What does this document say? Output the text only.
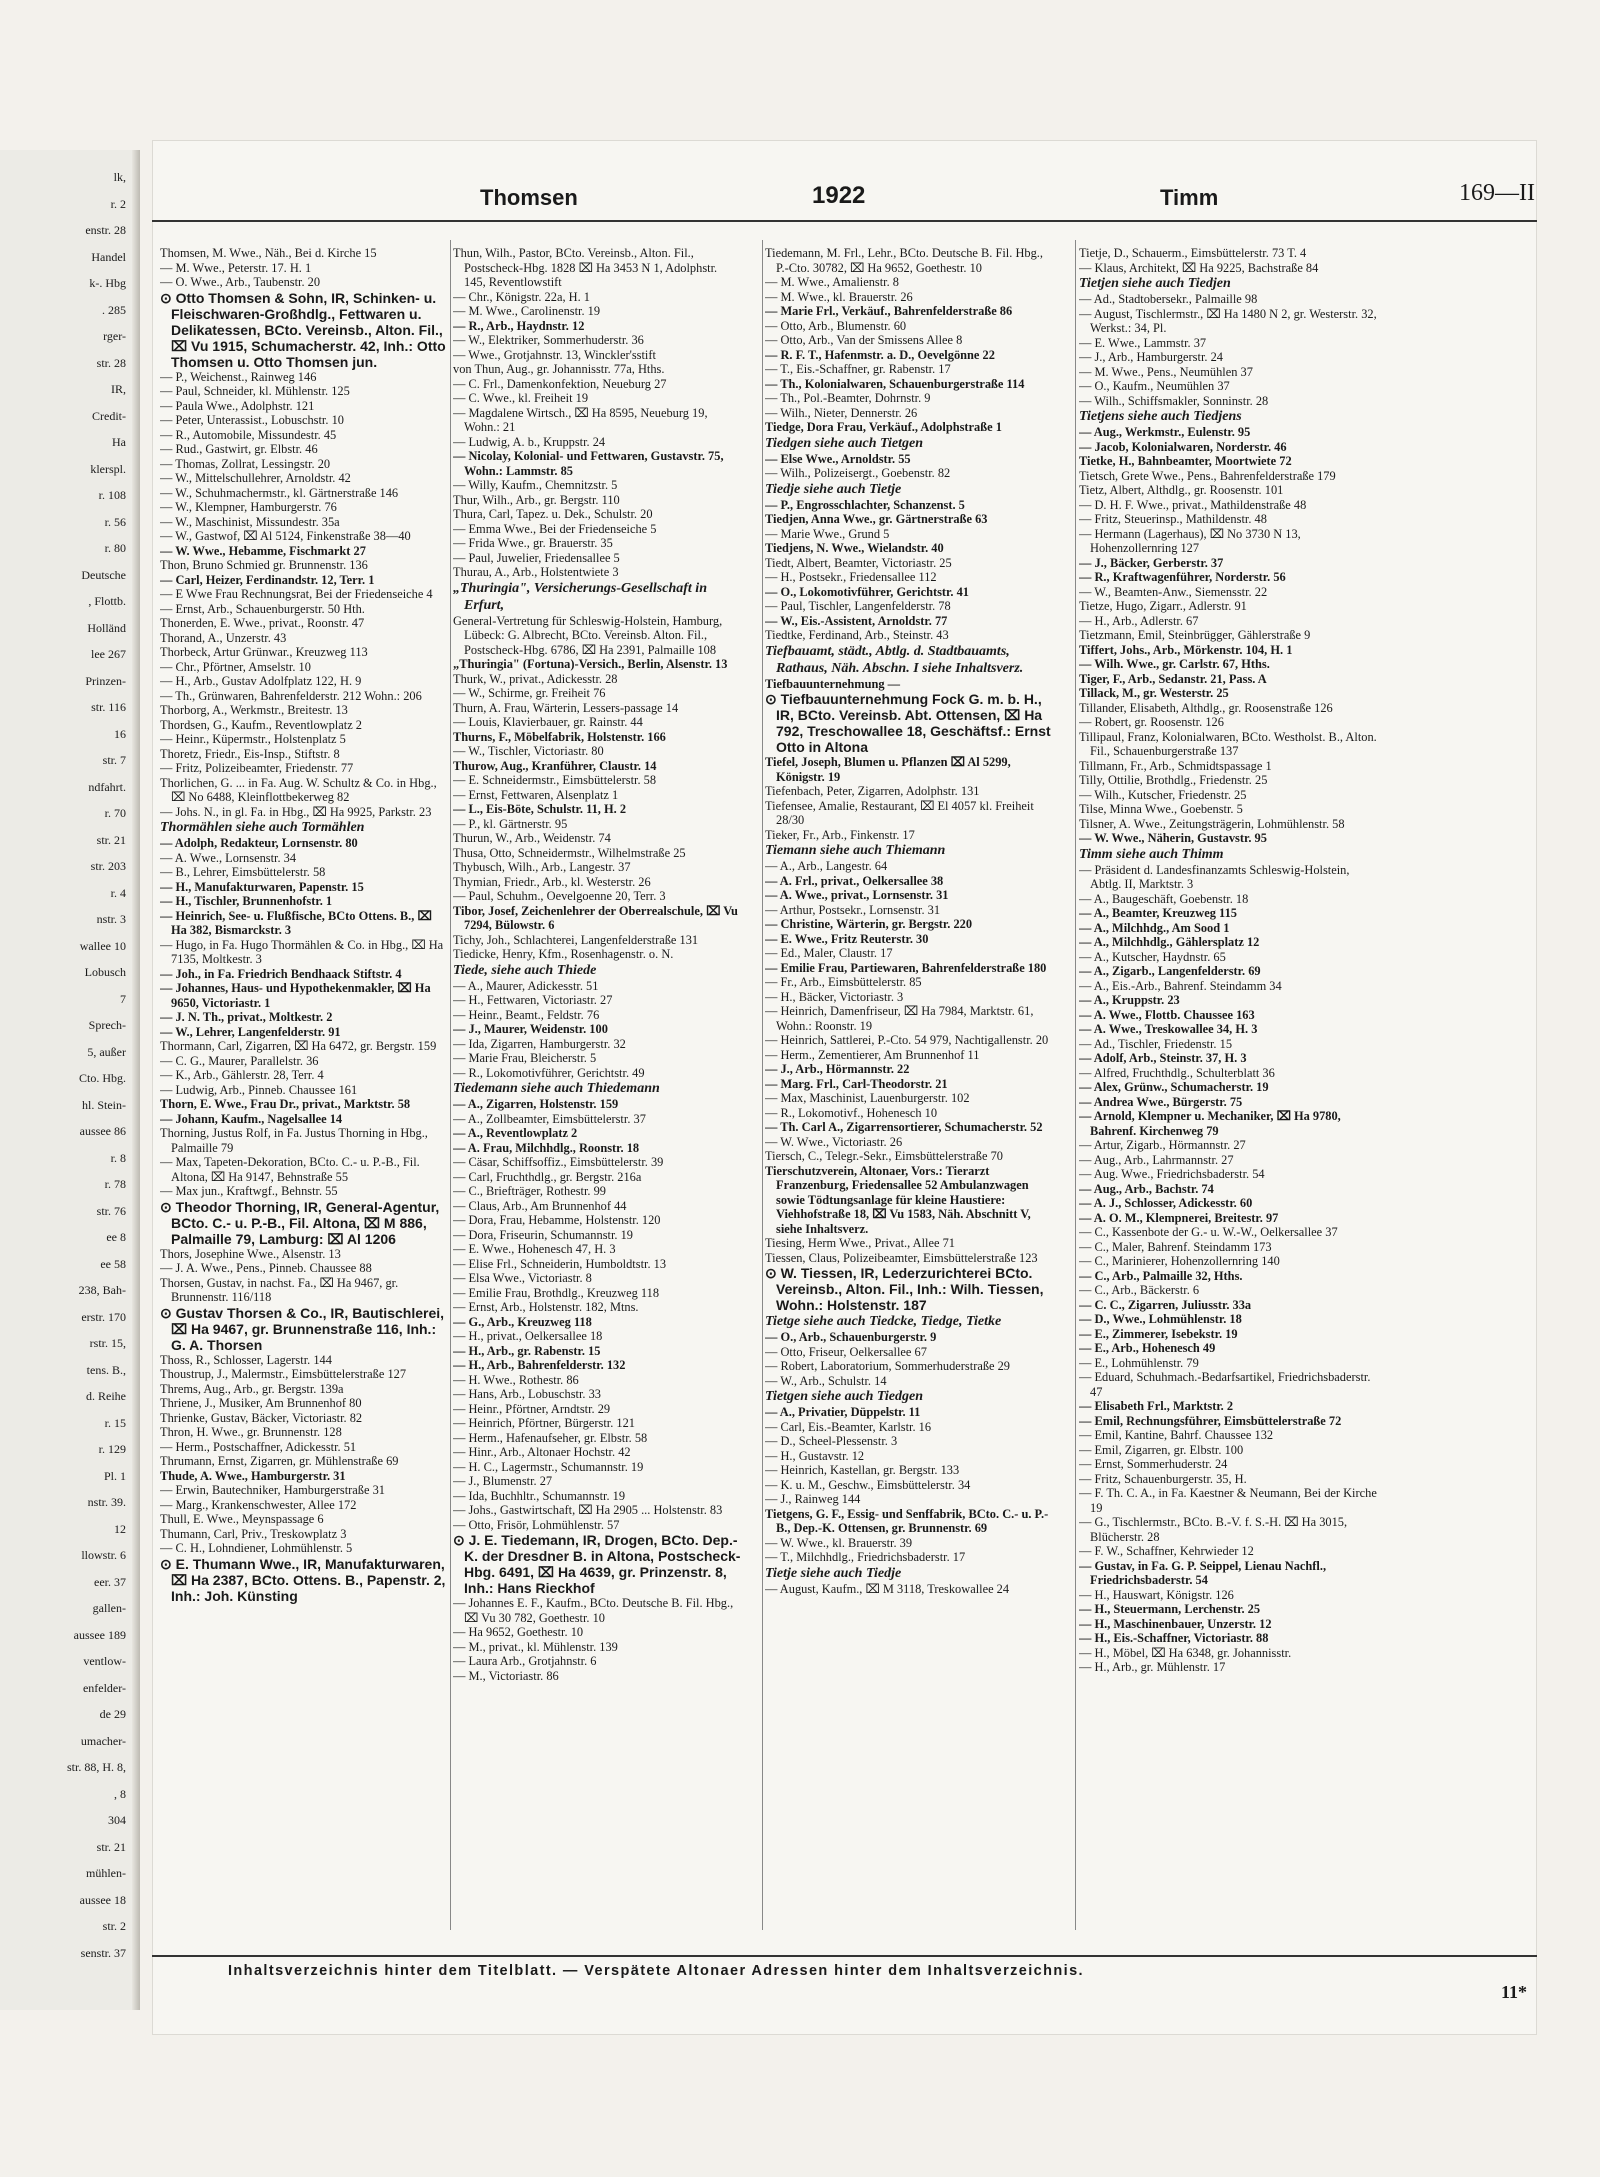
lk,
r. 2
enstr. 28
Handel
k-. Hbg
. 285
rger-
str. 28
IR,
Credit-
Ha
klerspl.
r. 108
r. 56
r. 80
Deutsche
, Flottb.
Holländ
lee 267
Prinzen-
str. 116
16
str. 7
ndfahrt.
r. 70
str. 21
str. 203
r. 4
nstr. 3
wallee 10
Lobusch
7
Sprech-
5, außer
Cto. Hbg.
hl. Stein-
aussee 86
r. 8
r. 78
str. 76
ee 8
ee 58
238, Bah-
erstr. 170
rstr. 15,
tens. B.,
d. Reihe
r. 15
r. 129
Pl. 1
nstr. 39.
12
llowstr. 6
eer. 37
gallen-
aussee 189
ventlow-
enfelder-
de 29
umacher-
str. 88, H. 8,
, 8
304
str. 21
mühlen-
aussee 18
str. 2
senstr. 37
Thomsen	1922	Timm	169—II

Thomsen, M. Wwe., Näh., Bei d. Kirche 15

— M. Wwe., Peterstr. 17. H. 1

— O. Wwe., Arb., Taubenstr. 20

⊙ Otto Thomsen & Sohn, IR, Schinken- u. Fleischwaren-Großhdlg., Fettwaren u. Delikatessen, BCto. Vereinsb., Alton. Fil., ⌧ Vu 1915, Schumacherstr. 42, Inh.: Otto Thomsen u. Otto Thomsen jun.

— P., Weichenst., Rainweg 146

— Paul, Schneider, kl. Mühlenstr. 125

— Paula Wwe., Adolphstr. 121

— Peter, Unterassist., Lobuschstr. 10

— R., Automobile, Missundestr. 45

— Rud., Gastwirt, gr. Elbstr. 46

— Thomas, Zollrat, Lessingstr. 20

— W., Mittelschullehrer, Arnoldstr. 42

— W., Schuhmachermstr., kl. Gärtnerstraße 146

— W., Klempner, Hamburgerstr. 76

— W., Maschinist, Missundestr. 35a

— W., Gastwof, ⌧ Al 5124, Finkenstraße 38—40

— W. Wwe., Hebamme, Fischmarkt 27

Thon, Bruno Schmied gr. Brunnenstr. 136

— Carl, Heizer, Ferdinandstr. 12, Terr. 1

— E Wwe Frau Rechnungsrat, Bei der Friedenseiche 4

— Ernst, Arb., Schauenburgerstr. 50 Hth.

Thonerden, E. Wwe., privat., Roonstr. 47

Thorand, A., Unzerstr. 43

Thorbeck, Artur Grünwar., Kreuzweg 113

— Chr., Pförtner, Amselstr. 10

— H., Arb., Gustav Adolfplatz 122, H. 9

— Th., Grünwaren, Bahrenfelderstr. 212 Wohn.: 206

Thorborg, A., Werkmstr., Breitestr. 13

Thordsen, G., Kaufm., Reventlowplatz 2

— Heinr., Küpermstr., Holstenplatz 5

Thoretz, Friedr., Eis-Insp., Stiftstr. 8

— Fritz, Polizeibeamter, Friedenstr. 77

Thorlichen, G. ... in Fa. Aug. W. Schultz & Co. in Hbg., ⌧ No 6488, Kleinflottbekerweg 82

— Johs. N., in gl. Fa. in Hbg., ⌧ Ha 9925, Parkstr. 23

Thormählen siehe auch Tormählen

— Adolph, Redakteur, Lornsenstr. 80

— A. Wwe., Lornsenstr. 34

— B., Lehrer, Eimsbüttelerstr. 58

— H., Manufakturwaren, Papenstr. 15

— H., Tischler, Brunnenhofstr. 1

— Heinrich, See- u. Flußfische, BCto Ottens. B., ⌧ Ha 382, Bismarckstr. 3

— Hugo, in Fa. Hugo Thormählen & Co. in Hbg., ⌧ Ha 7135, Moltkestr. 3

— Joh., in Fa. Friedrich Bendhaack Stiftstr. 4

— Johannes, Haus- und Hypothekenmakler, ⌧ Ha 9650, Victoriastr. 1

— J. N. Th., privat., Moltkestr. 2

— W., Lehrer, Langenfelderstr. 91

Thormann, Carl, Zigarren, ⌧ Ha 6472, gr. Bergstr. 159

— C. G., Maurer, Parallelstr. 36

— K., Arb., Gählerstr. 28, Terr. 4

— Ludwig, Arb., Pinneb. Chaussee 161

Thorn, E. Wwe., Frau Dr., privat., Marktstr. 58

— Johann, Kaufm., Nagelsallee 14

Thorning, Justus Rolf, in Fa. Justus Thorning in Hbg., Palmaille 79

— Max, Tapeten-Dekoration, BCto. C.- u. P.-B., Fil. Altona, ⌧ Ha 9147, Behnstraße 55

— Max jun., Kraftwgf., Behnstr. 55

⊙ Theodor Thorning, IR, General-Agentur, BCto. C.- u. P.-B., Fil. Altona, ⌧ M 886, Palmaille 79, Lamburg: ⌧ Al 1206

Thors, Josephine Wwe., Alsenstr. 13

— J. A. Wwe., Pens., Pinneb. Chaussee 88

Thorsen, Gustav, in nachst. Fa., ⌧ Ha 9467, gr. Brunnenstr. 116/118

⊙ Gustav Thorsen & Co., IR, Bautischlerei, ⌧ Ha 9467, gr. Brunnenstraße 116, Inh.: G. A. Thorsen

Thoss, R., Schlosser, Lagerstr. 144

Thoustrup, J., Malermstr., Eimsbüttelerstraße 127

Threms, Aug., Arb., gr. Bergstr. 139a

Thriene, J., Musiker, Am Brunnenhof 80

Thrienke, Gustav, Bäcker, Victoriastr. 82

Thron, H. Wwe., gr. Brunnenstr. 128

— Herm., Postschaffner, Adickesstr. 51

Thrumann, Ernst, Zigarren, gr. Mühlenstraße 69

Thude, A. Wwe., Hamburgerstr. 31

— Erwin, Bautechniker, Hamburgerstraße 31

— Marg., Krankenschwester, Allee 172

Thull, E. Wwe., Meynspassage 6

Thumann, Carl, Priv., Treskowplatz 3

— C. H., Lohndiener, Lohmühlenstr. 5

⊙ E. Thumann Wwe., IR, Manufakturwaren, ⌧ Ha 2387, BCto. Ottens. B., Papenstr. 2, Inh.: Joh. Künsting

Thun, Wilh., Pastor, BCto. Vereinsb., Alton. Fil., Postscheck-Hbg. 1828 ⌧ Ha 3453 N 1, Adolphstr. 145, Reventlowstift

— Chr., Königstr. 22a, H. 1

— M. Wwe., Carolinenstr. 19

— R., Arb., Haydnstr. 12

— W., Elektriker, Sommerhuderstr. 36

— Wwe., Grotjahnstr. 13, Winckler'sstift

von Thun, Aug., gr. Johannisstr. 77a, Hths.

— C. Frl., Damenkonfektion, Neueburg 27

— C. Wwe., kl. Freiheit 19

— Magdalene Wirtsch., ⌧ Ha 8595, Neueburg 19, Wohn.: 21

— Ludwig, A. b., Kruppstr. 24

— Nicolay, Kolonial- und Fettwaren, Gustavstr. 75, Wohn.: Lammstr. 85

— Willy, Kaufm., Chemnitzstr. 5

Thur, Wilh., Arb., gr. Bergstr. 110

Thura, Carl, Tapez. u. Dek., Schulstr. 20

— Emma Wwe., Bei der Friedenseiche 5

— Frida Wwe., gr. Brauerstr. 35

— Paul, Juwelier, Friedensallee 5

Thurau, A., Arb., Holstentwiete 3

„Thuringia", Versicherungs-Gesellschaft in Erfurt,

General-Vertretung für Schleswig-Holstein, Hamburg, Lübeck: G. Albrecht, BCto. Vereinsb. Alton. Fil., Postscheck-Hbg. 6786, ⌧ Ha 2391, Palmaille 108

„Thuringia" (Fortuna)-Versich., Berlin, Alsenstr. 13

Thurk, W., privat., Adickesstr. 28

— W., Schirme, gr. Freiheit 76

Thurn, A. Frau, Wärterin, Lessers-passage 14

— Louis, Klavierbauer, gr. Rainstr. 44

Thurns, F., Möbelfabrik, Holstenstr. 166

— W., Tischler, Victoriastr. 80

Thurow, Aug., Kranführer, Claustr. 14

— E. Schneidermstr., Eimsbüttelerstr. 58

— Ernst, Fettwaren, Alsenplatz 1

— L., Eis-Böte, Schulstr. 11, H. 2

— P., kl. Gärtnerstr. 95

Thurun, W., Arb., Weidenstr. 74

Thusa, Otto, Schneidermstr., Wilhelmstraße 25

Thybusch, Wilh., Arb., Langestr. 37

Thymian, Friedr., Arb., kl. Westerstr. 26

— Paul, Schuhm., Oevelgoenne 20, Terr. 3

Tibor, Josef, Zeichenlehrer der Oberrealschule, ⌧ Vu 7294, Bülowstr. 6

Tichy, Joh., Schlachterei, Langenfelderstraße 131

Tiedicke, Henry, Kfm., Rosenhagenstr. o. N.

Tiede, siehe auch Thiede

— A., Maurer, Adickesstr. 51

— H., Fettwaren, Victoriastr. 27

— Heinr., Beamt., Feldstr. 76

— J., Maurer, Weidenstr. 100

— Ida, Zigarren, Hamburgerstr. 32

— Marie Frau, Bleicherstr. 5

— R., Lokomotivführer, Gerichtstr. 49

Tiedemann siehe auch Thiedemann

— A., Zigarren, Holstenstr. 159

— A., Zollbeamter, Eimsbüttelerstr. 37

— A., Reventlowplatz 2

— A. Frau, Milchhdlg., Roonstr. 18

— Cäsar, Schiffsoffiz., Eimsbüttelerstr. 39

— Carl, Fruchthdlg., gr. Bergstr. 216a

— C., Briefträger, Rothestr. 99

— Claus, Arb., Am Brunnenhof 44

— Dora, Frau, Hebamme, Holstenstr. 120

— Dora, Friseurin, Schumannstr. 19

— E. Wwe., Hohenesch 47, H. 3

— Elise Frl., Schneiderin, Humboldtstr. 13

— Elsa Wwe., Victoriastr. 8

— Emilie Frau, Brothdlg., Kreuzweg 118

— Ernst, Arb., Holstenstr. 182, Mtns.

— G., Arb., Kreuzweg 118

— H., privat., Oelkersallee 18

— H., Arb., gr. Rabenstr. 15

— H., Arb., Bahrenfelderstr. 132

— H. Wwe., Rothestr. 86

— Hans, Arb., Lobuschstr. 33

— Heinr., Pförtner, Arndtstr. 29

— Heinrich, Pförtner, Bürgerstr. 121

— Herm., Hafenaufseher, gr. Elbstr. 58

— Hinr., Arb., Altonaer Hochstr. 42

— H. C., Lagermstr., Schumannstr. 19

— J., Blumenstr. 27

— Ida, Buchhltr., Schumannstr. 19

— Johs., Gastwirtschaft, ⌧ Ha 2905 ... Holstenstr. 83

— Otto, Frisör, Lohmühlenstr. 57

⊙ J. E. Tiedemann, IR, Drogen, BCto. Dep.-K. der Dresdner B. in Altona, Postscheck-Hbg. 6491, ⌧ Ha 4639, gr. Prinzenstr. 8, Inh.: Hans Rieckhof

— Johannes E. F., Kaufm., BCto. Deutsche B. Fil. Hbg., ⌧ Vu 30 782, Goethestr. 10

— Ha 9652, Goethestr. 10

— M., privat., kl. Mühlenstr. 139

— Laura Arb., Grotjahnstr. 6

— M., Victoriastr. 86

Tiedemann, M. Frl., Lehr., BCto. Deutsche B. Fil. Hbg., P.-Cto. 30782, ⌧ Ha 9652, Goethestr. 10

— M. Wwe., Amalienstr. 8

— M. Wwe., kl. Brauerstr. 26

— Marie Frl., Verkäuf., Bahrenfelderstraße 86

— Otto, Arb., Blumenstr. 60

— Otto, Arb., Van der Smissens Allee 8

— R. F. T., Hafenmstr. a. D., Oevelgönne 22

— T., Eis.-Schaffner, gr. Rabenstr. 17

— Th., Kolonialwaren, Schauenburgerstraße 114

— Th., Pol.-Beamter, Dohrnstr. 9

— Wilh., Nieter, Dennerstr. 26

Tiedge, Dora Frau, Verkäuf., Adolphstraße 1

Tiedgen siehe auch Tietgen

— Else Wwe., Arnoldstr. 55

— Wilh., Polizeisergt., Goebenstr. 82

Tiedje siehe auch Tietje

— P., Engrosschlachter, Schanzenst. 5

Tiedjen, Anna Wwe., gr. Gärtnerstraße 63

— Marie Wwe., Grund 5

Tiedjens, N. Wwe., Wielandstr. 40

Tiedt, Albert, Beamter, Victoriastr. 25

— H., Postsekr., Friedensallee 112

— O., Lokomotivführer, Gerichtstr. 41

— Paul, Tischler, Langenfelderstr. 78

— W., Eis.-Assistent, Arnoldstr. 77

Tiedtke, Ferdinand, Arb., Steinstr. 43

Tiefbauamt, städt., Abtlg. d. Stadtbauamts, Rathaus, Näh. Abschn. I siehe Inhaltsverz.

Tiefbauunternehmung —

⊙ Tiefbauunternehmung Fock G. m. b. H., IR, BCto. Vereinsb. Abt. Ottensen, ⌧ Ha 792, Treschowallee 18, Geschäftsf.: Ernst Otto in Altona

Tiefel, Joseph, Blumen u. Pflanzen ⌧ Al 5299, Königstr. 19

Tiefenbach, Peter, Zigarren, Adolphstr. 131

Tiefensee, Amalie, Restaurant, ⌧ El 4057 kl. Freiheit 28/30

Tieker, Fr., Arb., Finkenstr. 17

Tiemann siehe auch Thiemann

— A., Arb., Langestr. 64

— A. Frl., privat., Oelkersallee 38

— A. Wwe., privat., Lornsenstr. 31

— Arthur, Postsekr., Lornsenstr. 31

— Christine, Wärterin, gr. Bergstr. 220

— E. Wwe., Fritz Reuterstr. 30

— Ed., Maler, Claustr. 17

— Emilie Frau, Partiewaren, Bahrenfelderstraße 180

— Fr., Arb., Eimsbüttelerstr. 85

— H., Bäcker, Victoriastr. 3

— Heinrich, Damenfriseur, ⌧ Ha 7984, Marktstr. 61, Wohn.: Roonstr. 19

— Heinrich, Sattlerei, P.-Cto. 54 979, Nachtigallenstr. 20

— Herm., Zementierer, Am Brunnenhof 11

— J., Arb., Hörmannstr. 22

— Marg. Frl., Carl-Theodorstr. 21

— Max, Maschinist, Lauenburgerstr. 102

— R., Lokomotivf., Hohenesch 10

— Th. Carl A., Zigarrensortierer, Schumacherstr. 52

— W. Wwe., Victoriastr. 26

Tiersch, C., Telegr.-Sekr., Eimsbüttelerstraße 70

Tierschutzverein, Altonaer, Vors.: Tierarzt Franzenburg, Friedensallee 52 Ambulanzwagen sowie Tödtungsanlage für kleine Haustiere: Viehhofstraße 18, ⌧ Vu 1583, Näh. Abschnitt V, siehe Inhaltsverz.

Tiesing, Herm Wwe., Privat., Allee 71

Tiessen, Claus, Polizeibeamter, Eimsbüttelerstraße 123

⊙ W. Tiessen, IR, Lederzurichterei BCto. Vereinsb., Alton. Fil., Inh.: Wilh. Tiessen, Wohn.: Holstenstr. 187

Tietge siehe auch Tiedcke, Tiedge, Tietke

— O., Arb., Schauenburgerstr. 9

— Otto, Friseur, Oelkersallee 67

— Robert, Laboratorium, Sommerhuderstraße 29

— W., Arb., Schulstr. 14

Tietgen siehe auch Tiedgen

— A., Privatier, Düppelstr. 11

— Carl, Eis.-Beamter, Karlstr. 16

— D., Scheel-Plessenstr. 3

— H., Gustavstr. 12

— Heinrich, Kastellan, gr. Bergstr. 133

— K. u. M., Geschw., Eimsbüttelerstr. 34

— J., Rainweg 144

Tietgens, G. F., Essig- und Senffabrik, BCto. C.- u. P.-B., Dep.-K. Ottensen, gr. Brunnenstr. 69

— W. Wwe., kl. Brauerstr. 39

— T., Milchhdlg., Friedrichsbaderstr. 17

Tietje siehe auch Tiedje

— August, Kaufm., ⌧ M 3118, Treskowallee 24

Tietje, D., Schauerm., Eimsbüttelerstr. 73 T. 4

— Klaus, Architekt, ⌧ Ha 9225, Bachstraße 84

Tietjen siehe auch Tiedjen

— Ad., Stadtobersekr., Palmaille 98

— August, Tischlermstr., ⌧ Ha 1480 N 2, gr. Westerstr. 32, Werkst.: 34, Pl.

— E. Wwe., Lammstr. 37

— J., Arb., Hamburgerstr. 24

— M. Wwe., Pens., Neumühlen 37

— O., Kaufm., Neumühlen 37

— Wilh., Schiffsmakler, Sonninstr. 28

Tietjens siehe auch Tiedjens

— Aug., Werkmstr., Eulenstr. 95

— Jacob, Kolonialwaren, Norderstr. 46

Tietke, H., Bahnbeamter, Moortwiete 72

Tietsch, Grete Wwe., Pens., Bahrenfelderstraße 179

Tietz, Albert, Althdlg., gr. Roosenstr. 101

— D. H. F. Wwe., privat., Mathildenstraße 48

— Fritz, Steuerinsp., Mathildenstr. 48

— Hermann (Lagerhaus), ⌧ No 3730 N 13, Hohenzollernring 127

— J., Bäcker, Gerberstr. 37

— R., Kraftwagenführer, Norderstr. 56

— W., Beamten-Anw., Siemensstr. 22

Tietze, Hugo, Zigarr., Adlerstr. 91

— H., Arb., Adlerstr. 67

Tietzmann, Emil, Steinbrügger, Gählerstraße 9

Tiffert, Johs., Arb., Mörkenstr. 104, H. 1

— Wilh. Wwe., gr. Carlstr. 67, Hths.

Tiger, F., Arb., Sedanstr. 21, Pass. A

Tillack, M., gr. Westerstr. 25

Tillander, Elisabeth, Althdlg., gr. Roosenstraße 126

— Robert, gr. Roosenstr. 126

Tillipaul, Franz, Kolonialwaren, BCto. Westholst. B., Alton. Fil., Schauenburgerstraße 137

Tillmann, Fr., Arb., Schmidtspassage 1

Tilly, Ottilie, Brothdlg., Friedenstr. 25

— Wilh., Kutscher, Friedenstr. 25

Tilse, Minna Wwe., Goebenstr. 5

Tilsner, A. Wwe., Zeitungsträgerin, Lohmühlenstr. 58

— W. Wwe., Näherin, Gustavstr. 95

Timm siehe auch Thimm

— Präsident d. Landesfinanzamts Schleswig-Holstein, Abtlg. II, Marktstr. 3

— A., Baugeschäft, Goebenstr. 18

— A., Beamter, Kreuzweg 115

— A., Milchhdg., Am Sood 1

— A., Milchhdlg., Gählersplatz 12

— A., Kutscher, Haydnstr. 65

— A., Zigarb., Langenfelderstr. 69

— A., Eis.-Arb., Bahrenf. Steindamm 34

— A., Kruppstr. 23

— A. Wwe., Flottb. Chaussee 163

— A. Wwe., Treskowallee 34, H. 3

— Ad., Tischler, Friedenstr. 15

— Adolf, Arb., Steinstr. 37, H. 3

— Alfred, Fruchthdlg., Schulterblatt 36

— Alex, Grünw., Schumacherstr. 19

— Andrea Wwe., Bürgerstr. 75

— Arnold, Klempner u. Mechaniker, ⌧ Ha 9780, Bahrenf. Kirchenweg 79

— Artur, Zigarb., Hörmannstr. 27

— Aug., Arb., Lahrmannstr. 27

— Aug. Wwe., Friedrichsbaderstr. 54

— Aug., Arb., Bachstr. 74

— A. J., Schlosser, Adickesstr. 60

— A. O. M., Klempnerei, Breitestr. 97

— C., Kassenbote der G.- u. W.-W., Oelkersallee 37

— C., Maler, Bahrenf. Steindamm 173

— C., Marinierer, Hohenzollernring 140

— C., Arb., Palmaille 32, Hths.

— C., Arb., Bäckerstr. 6

— C. C., Zigarren, Juliusstr. 33a

— D., Wwe., Lohmühlenstr. 18

— E., Zimmerer, Isebekstr. 19

— E., Arb., Hohenesch 49

— E., Lohmühlenstr. 79

— Eduard, Schuhmach.-Bedarfsartikel, Friedrichsbaderstr. 47

— Elisabeth Frl., Marktstr. 2

— Emil, Rechnungsführer, Eimsbüttelerstraße 72

— Emil, Kantine, Bahrf. Chaussee 132

— Emil, Zigarren, gr. Elbstr. 100

— Ernst, Sommerhuderstr. 24

— Fritz, Schauenburgerstr. 35, H.

— F. Th. C. A., in Fa. Kaestner & Neumann, Bei der Kirche 19

— G., Tischlermstr., BCto. B.-V. f. S.-H. ⌧ Ha 3015, Blücherstr. 28

— F. W., Schaffner, Kehrwieder 12

— Gustav, in Fa. G. P. Seippel, Lienau Nachfl., Friedrichsbaderstr. 54

— H., Hauswart, Königstr. 126

— H., Steuermann, Lerchenstr. 25

— H., Maschinenbauer, Unzerstr. 12

— H., Eis.-Schaffner, Victoriastr. 88

— H., Möbel, ⌧ Ha 6348, gr. Johannisstr.

— H., Arb., gr. Mühlenstr. 17

Inhaltsverzeichnis hinter dem Titelblatt. — Verspätete Altonaer Adressen hinter dem Inhaltsverzeichnis.
11*
